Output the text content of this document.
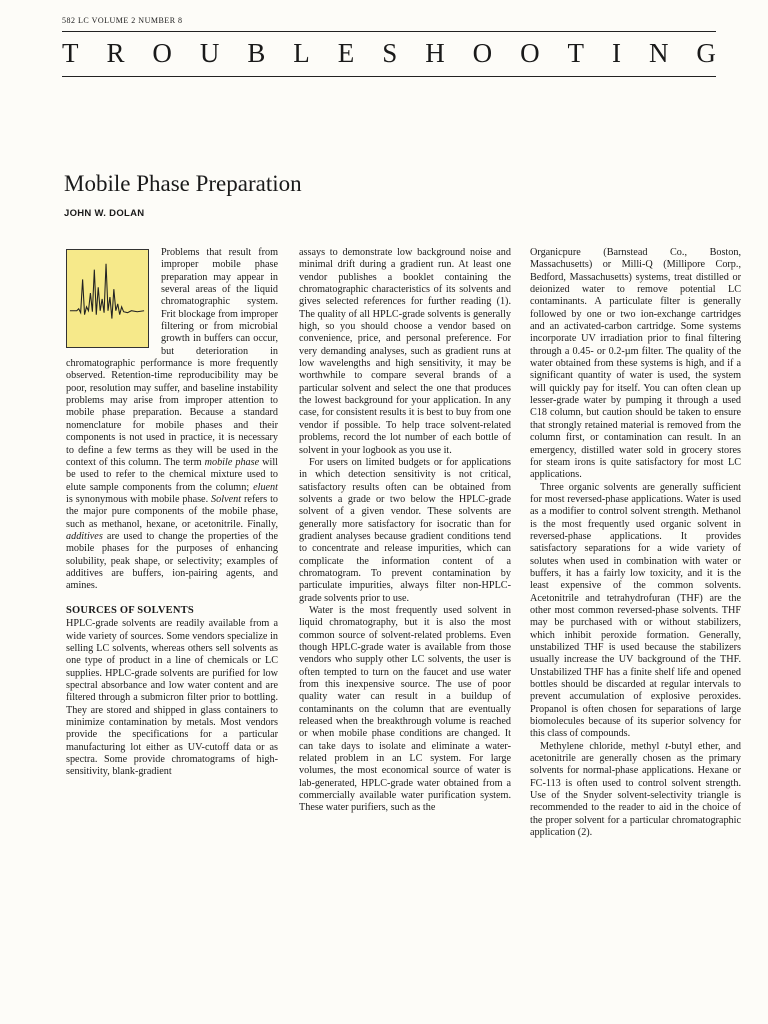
582 LC VOLUME 2 NUMBER 8
T R O U B L E S H O O T I N G
Mobile Phase Preparation
JOHN W. DOLAN

Problems that result from improper mobile phase preparation may appear in several areas of the liquid chromatographic system. Frit blockage from improper filtering or from microbial growth in buffers can occur, but deterioration in chromatographic performance is more frequently observed. Retention-time reproducibility may be poor, resolution may suffer, and baseline instability problems may arise from improper attention to mobile phase preparation. Because a standard nomenclature for mobile phases and their components is not used in practice, it is necessary to define a few terms as they will be used in the context of this column. The term mobile phase will be used to refer to the chemical mixture used to elute sample components from the column; eluent is synonymous with mobile phase. Solvent refers to the major pure components of the mobile phase, such as methanol, hexane, or acetonitrile. Finally, additives are used to change the properties of the mobile phases for the purposes of enhancing solubility, peak shape, or selectivity; examples of additives are buffers, ion-pairing agents, and amines.

SOURCES OF SOLVENTS

HPLC-grade solvents are readily available from a wide variety of sources. Some vendors specialize in selling LC solvents, whereas others sell solvents as one type of product in a line of chemicals or LC supplies. HPLC-grade solvents are purified for low spectral absorbance and low water content and are filtered through a submicron filter prior to bottling. They are stored and shipped in glass containers to minimize contamination by metals. Most vendors provide the specifications for a particular manufacturing lot either as UV-cutoff data or as spectra. Some provide chromatograms of high-sensitivity, blank-gradient

assays to demonstrate low background noise and minimal drift during a gradient run. At least one vendor publishes a booklet containing the chromatographic characteristics of its solvents and gives selected references for further reading (1). The quality of all HPLC-grade solvents is generally high, so you should choose a vendor based on convenience, price, and personal preference. For very demanding analyses, such as gradient runs at low wavelengths and high sensitivity, it may be worthwhile to compare several brands of a particular solvent and select the one that produces the lowest background for your application. In any case, for consistent results it is best to buy from one vendor if possible. To help trace solvent-related problems, record the lot number of each bottle of solvent in your logbook as you use it.

For users on limited budgets or for applications in which detection sensitivity is not critical, satisfactory results often can be obtained from solvents a grade or two below the HPLC-grade solvent of a given vendor. These solvents are generally more satisfactory for isocratic than for gradient analyses because gradient conditions tend to concentrate and release impurities, which can complicate the information content of a chromatogram. To prevent contamination by particulate impurities, always filter non-HPLC-grade solvents prior to use.

Water is the most frequently used solvent in liquid chromatography, but it is also the most common source of solvent-related problems. Even though HPLC-grade water is available from those vendors who supply other LC solvents, the user is often tempted to turn on the faucet and use water from this inexpensive source. The use of poor quality water can result in a buildup of contaminants on the column that are eventually released when the breakthrough volume is reached or when mobile phase conditions are changed. It can take days to isolate and eliminate a water-related problem in an LC system. For large volumes, the most economical source of water is lab-generated, HPLC-grade water obtained from a commercially available water purification system. These water purifiers, such as the

Organicpure (Barnstead Co., Boston, Massachusetts) or Milli-Q (Millipore Corp., Bedford, Massachusetts) systems, treat distilled or deionized water to remove potential LC contaminants. A particulate filter is generally followed by one or two ion-exchange cartridges and an activated-carbon cartridge. Some systems incorporate UV irradiation prior to final filtering through a 0.45- or 0.2-µm filter. The quality of the water obtained from these systems is high, and if a significant quantity of water is used, the system will quickly pay for itself. You can often clean up lesser-grade water by pumping it through a used C18 column, but caution should be taken to ensure that strongly retained material is removed from the column first, or contamination can result. In an emergency, distilled water sold in grocery stores for steam irons is quite satisfactory for most LC applications.

Three organic solvents are generally sufficient for most reversed-phase applications. Water is used as a modifier to control solvent strength. Methanol is the most frequently used organic solvent in reversed-phase applications. It provides satisfactory separations for a wide variety of solutes when used in combination with water or buffers, it has a fairly low toxicity, and it is the least expensive of the common solvents. Acetonitrile and tetrahydrofuran (THF) are the other most common reversed-phase solvents. THF may be purchased with or without stabilizers, which inhibit peroxide formation. Generally, unstabilized THF is used because the stabilizers usually increase the UV background of the THF. Unstabilized THF has a finite shelf life and opened bottles should be discarded at regular intervals to prevent accumulation of explosive peroxides. Propanol is often chosen for separations of large biomolecules because of its superior solvency for this class of compounds.

Methylene chloride, methyl t-butyl ether, and acetonitrile are generally chosen as the primary solvents for normal-phase applications. Hexane or FC-113 is often used to control solvent strength. Use of the Snyder solvent-selectivity triangle is recommended to the reader to aid in the choice of the proper solvent for a particular chromatographic application (2).
